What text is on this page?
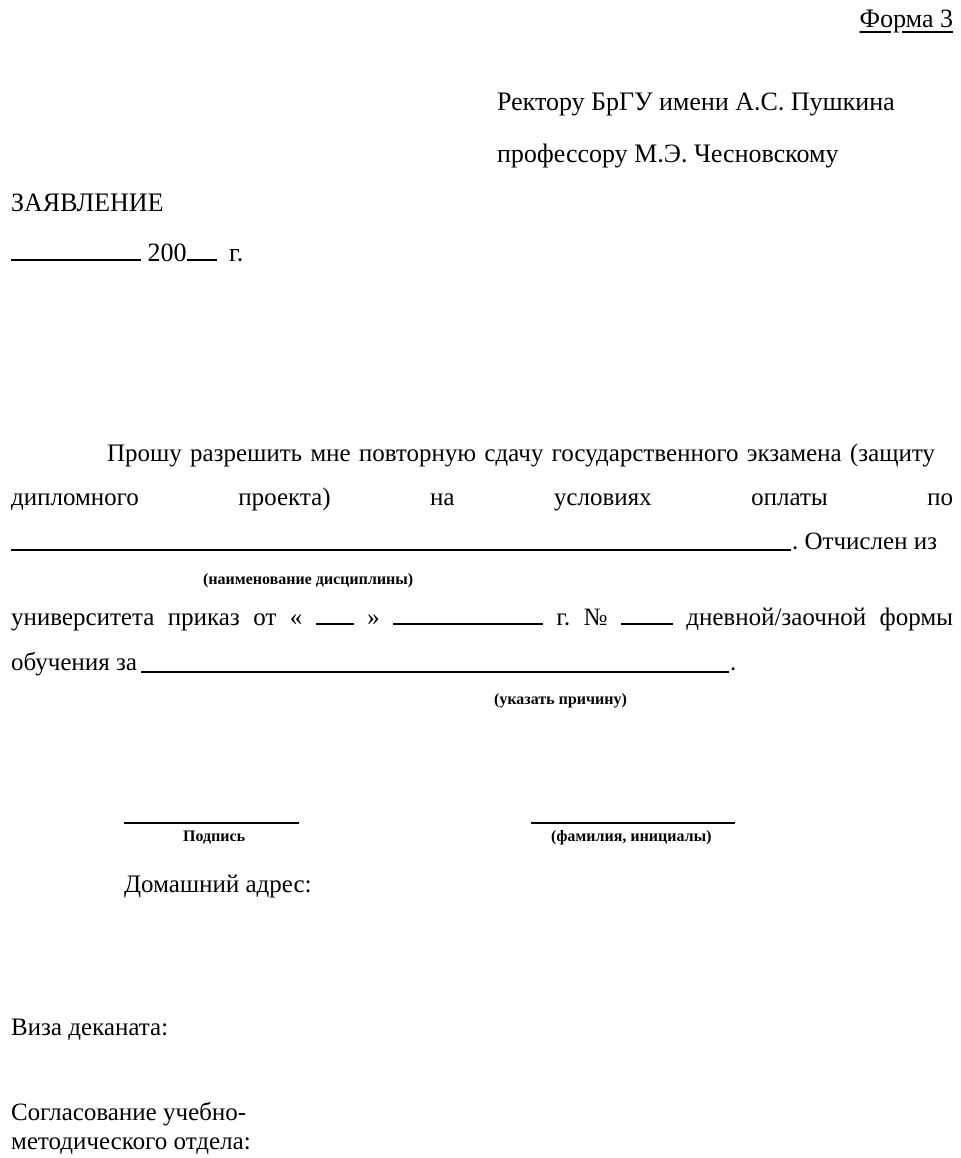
Форма 3
Ректору БрГУ имени А.С. Пушкина
профессору М.Э. Чесновскому
ЗАЯВЛЕНИЕ
200 г.
Прошу разрешить мне повторную сдачу государственного экзамена (защиту
дипломного	проекта)	на	условиях	оплаты	по
. Отчислен из
(наименование дисциплины)
университета приказ от «	»	г. №	дневной/заочной формы
обучения за	.
(указать причину)
Подпись	(фамилия, инициалы)
Домашний адрес:
Виза деканата:
Согласование учебно-
методического отдела:
